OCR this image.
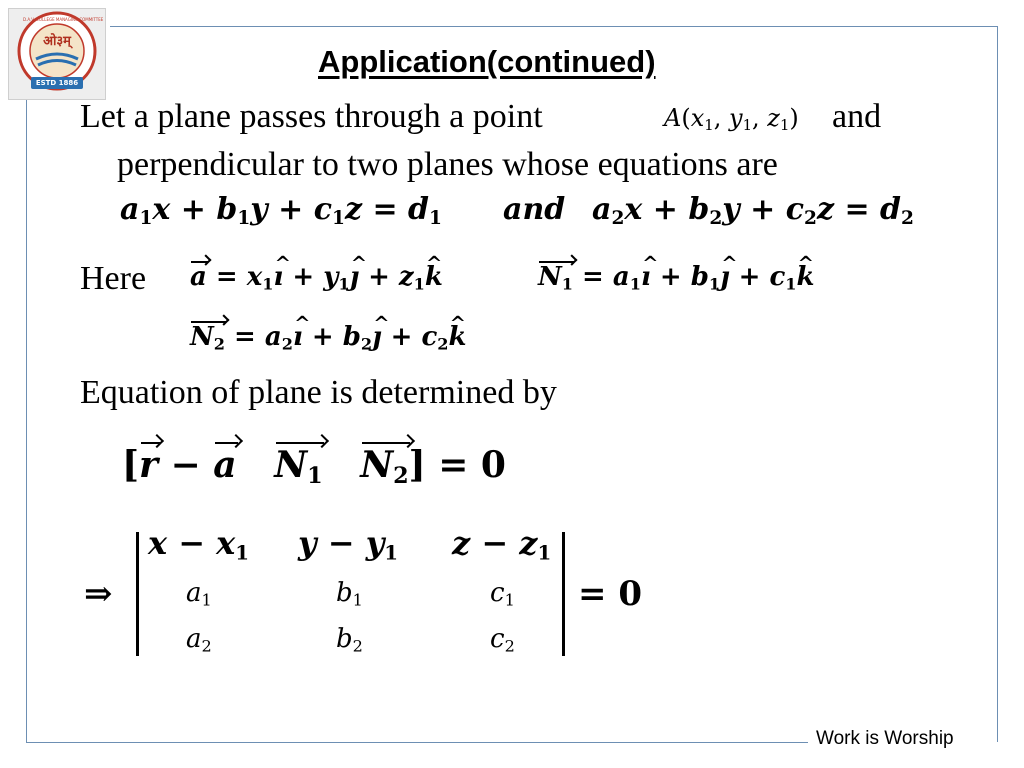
ओ३म्
ESTD 1886
D.A.V. COLLEGE MANAGING COMMITTEE
Application(continued)
Let a plane passes through a point	$A(x_1$, $y_1$, $z_1$) and
perpendicular to two planes whose equations are
$a_1x + b_1y + c_1z = d_1$ and $a_2x + b_2y + c_2z = d_2$
Here $a = x_1\^{}$ ı + $y_1\^{}$ ȷ + $z_1\^{}$ k	$N_1$ = $a_1\^{}$ ı + $b_1\^{}$ ȷ + $c_1\^{}$ k
$N_2$ = $a_2\^{}$ ı + $b_2\^{}$ ȷ + $c_2\^{}$ k
Equation of plane is determined by
[r − a $N_1$ $N_2] = 0$
⇒
$x - x_1$ $y - y_1$ $z - z_1$
$a_1$	$b_1$	$c_1$
$a_2$	$b_2$	$c_2$
= 0
Work is Worship
